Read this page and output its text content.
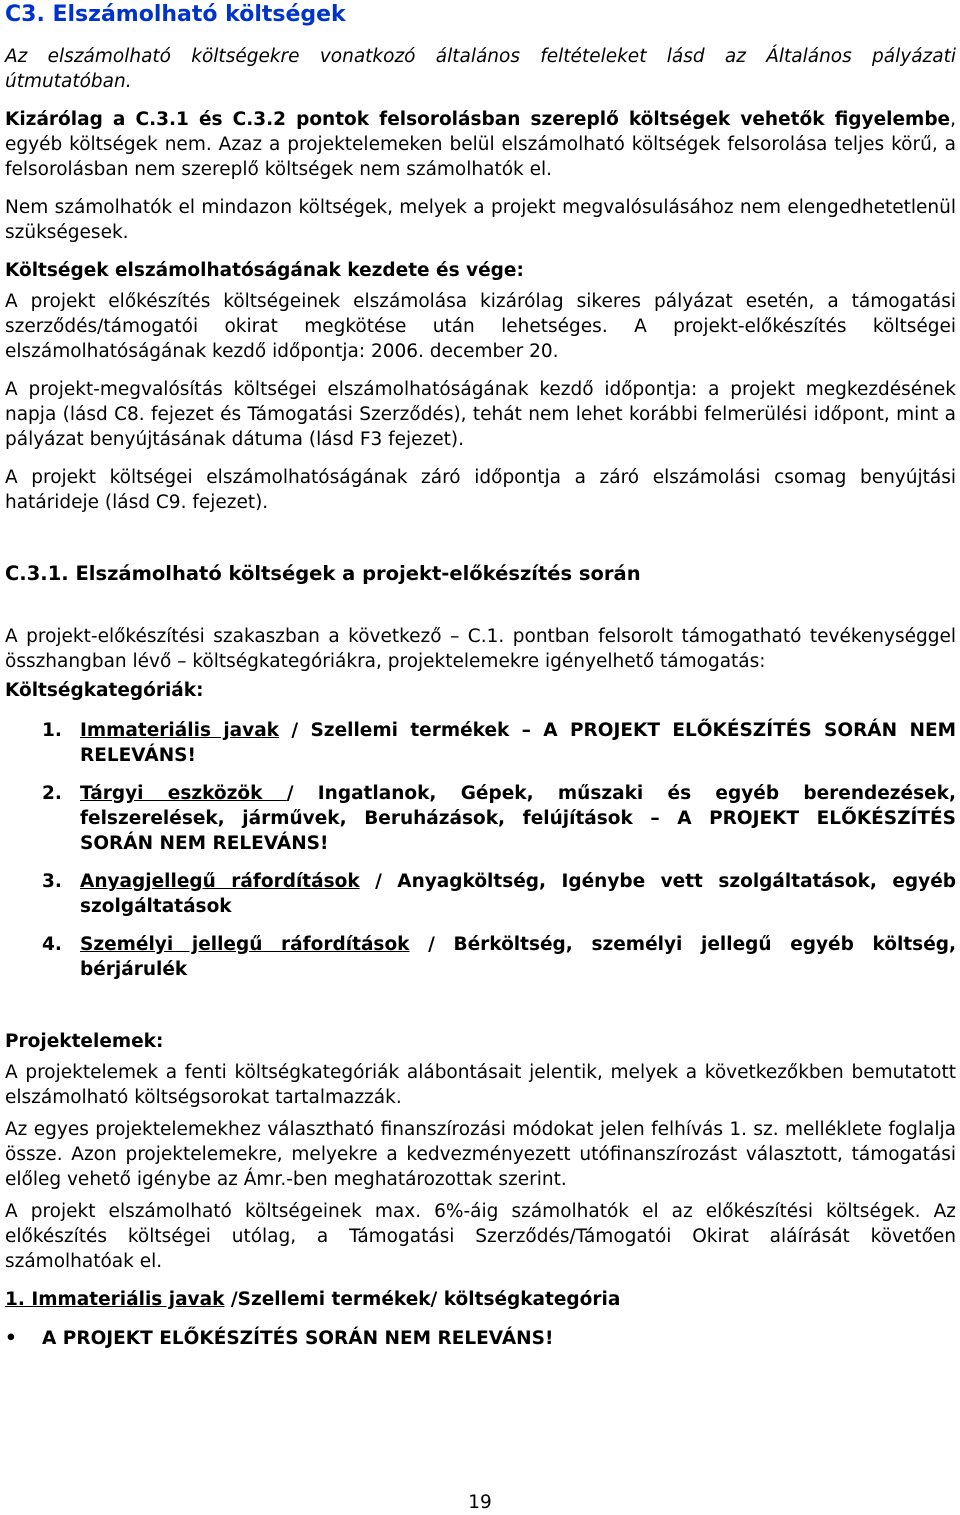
C3. Elszámolható költségek

Az elszámolható költségekre vonatkozó általános feltételeket lásd az Általános pályázati útmutatóban.

Kizárólag a C.3.1 és C.3.2 pontok felsorolásban szereplő költségek vehetők figyelembe, egyéb költségek nem. Azaz a projektelemeken belül elszámolható költségek felsorolása teljes körű, a felsorolásban nem szereplő költségek nem számolhatók el.

Nem számolhatók el mindazon költségek, melyek a projekt megvalósulásához nem elengedhetetlenül szükségesek.

Költségek elszámolhatóságának kezdete és vége:

A projekt előkészítés költségeinek elszámolása kizárólag sikeres pályázat esetén, a támogatási szerződés/támogatói okirat megkötése után lehetséges. A projekt-előkészítés költségei elszámolhatóságának kezdő időpontja: 2006. december 20.

A projekt-megvalósítás költségei elszámolhatóságának kezdő időpontja: a projekt megkezdésének napja (lásd C8. fejezet és Támogatási Szerződés), tehát nem lehet korábbi felmerülési időpont, mint a pályázat benyújtásának dátuma (lásd F3 fejezet).

A projekt költségei elszámolhatóságának záró időpontja a záró elszámolási csomag benyújtási határideje (lásd C9. fejezet).

C.3.1. Elszámolható költségek a projekt-előkészítés során

A projekt-előkészítési szakaszban a következő – C.1. pontban felsorolt támogatható tevékenységgel összhangban lévő – költségkategóriákra, projektelemekre igényelhető támogatás:

Költségkategóriák:

1. Immateriális javak / Szellemi termékek – A PROJEKT ELŐKÉSZÍTÉS SORÁN NEM RELEVÁNS!
2. Tárgyi eszközök / Ingatlanok, Gépek, műszaki és egyéb berendezések, felszerelések, járművek, Beruházások, felújítások – A PROJEKT ELŐKÉSZÍTÉS SORÁN NEM RELEVÁNS!
3. Anyagjellegű ráfordítások / Anyagköltség, Igénybe vett szolgáltatások, egyéb szolgáltatások
4. Személyi jellegű ráfordítások / Bérköltség, személyi jellegű egyéb költség, bérjárulék

Projektelemek:

A projektelemek a fenti költségkategóriák alábontásait jelentik, melyek a következőkben bemutatott elszámolható költségsorokat tartalmazzák.

Az egyes projektelemekhez választható finanszírozási módokat jelen felhívás 1. sz. melléklete foglalja össze. Azon projektelemekre, melyekre a kedvezményezett utófinanszírozást választott, támogatási előleg vehető igénybe az Ámr.-ben meghatározottak szerint.

A projekt elszámolható költségeinek max. 6%-áig számolhatók el az előkészítési költségek. Az előkészítés költségei utólag, a Támogatási Szerződés/Támogatói Okirat aláírását követően számolhatóak el.

1. Immateriális javak /Szellemi termékek/ költségkategória

• A PROJEKT ELŐKÉSZÍTÉS SORÁN NEM RELEVÁNS!
19
